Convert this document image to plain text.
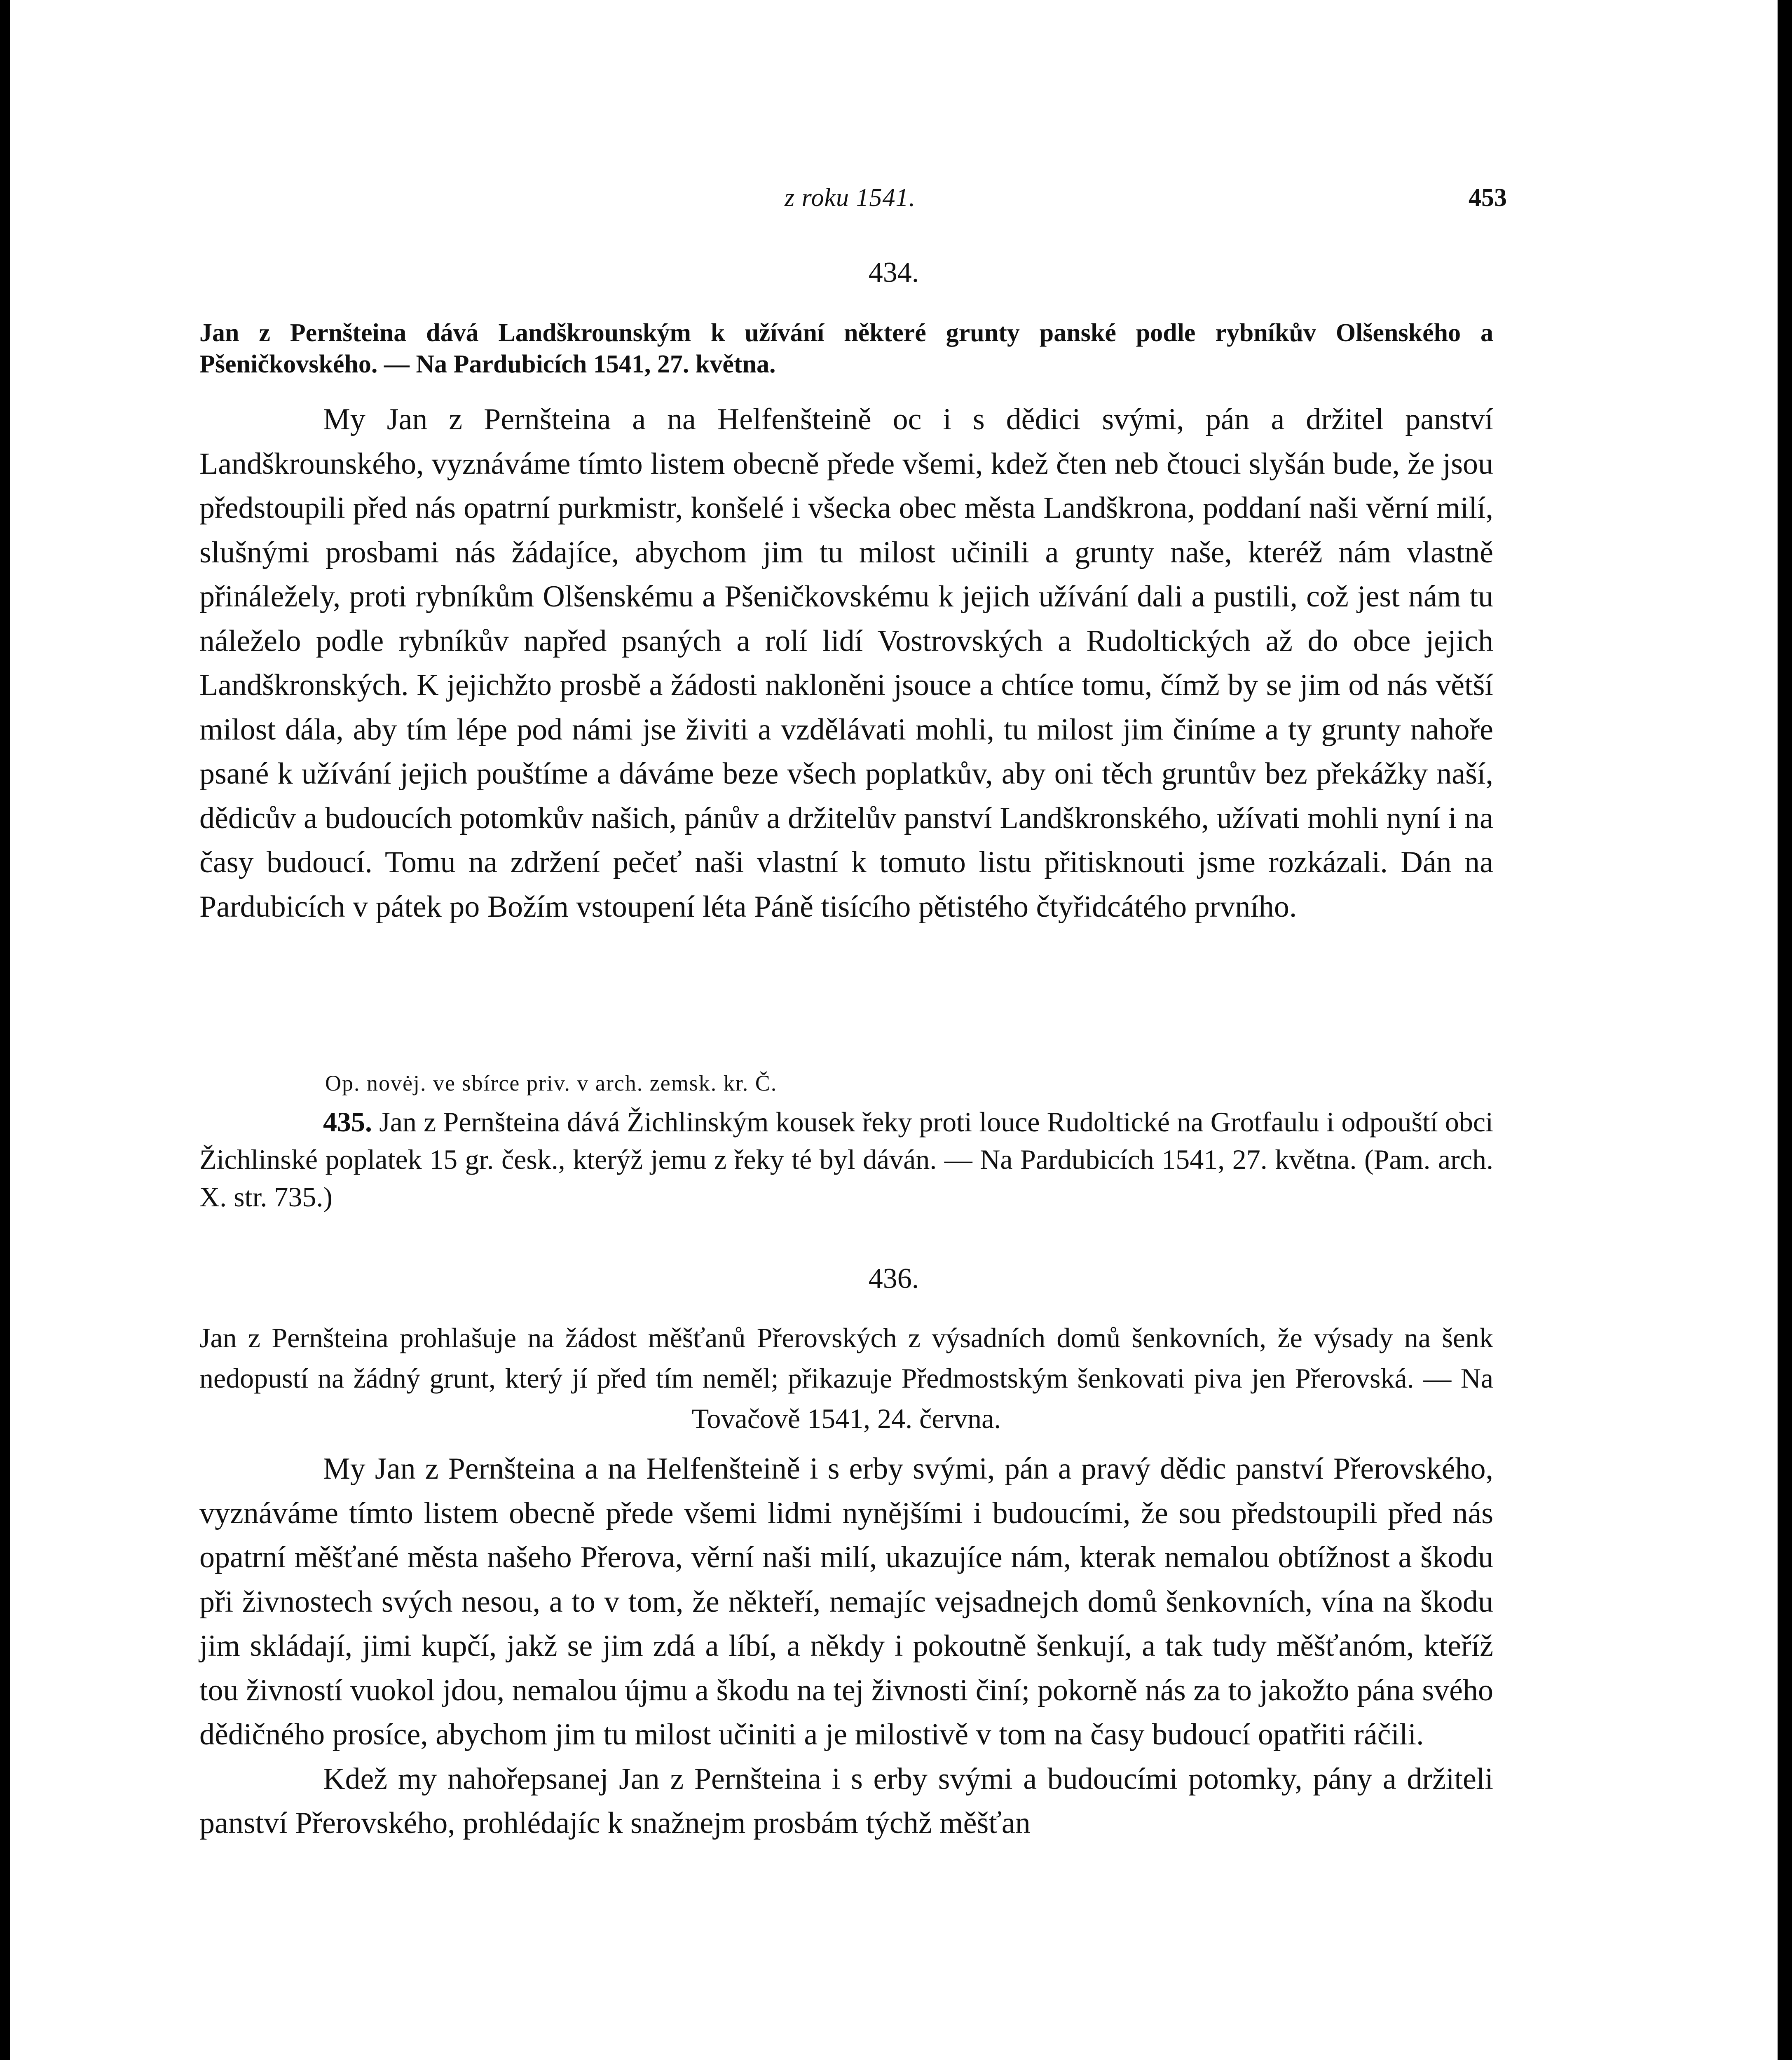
z roku 1541.	453
434.

Jan z Pernšteina dává Landškrounským k užívání některé grunty panské podle rybníkův Olšenského a Pšeničkovského. — Na Pardubicích 1541, 27. května.

My Jan z Pernšteina a na Helfenšteině oc i s dědici svými, pán a držitel panství Landškrounského, vyznáváme tímto listem obecně přede všemi, kdež čten neb čtouci slyšán bude, že jsou předstoupili před nás opatrní purkmistr, konšelé i všecka obec města Landškrona, poddaní naši věrní milí, slušnými prosbami nás žádajíce, abychom jim tu milost učinili a grunty naše, kteréž nám vlastně přináležely, proti rybníkům Olšenskému a Pšeničkovskému k jejich užívání dali a pustili, což jest nám tu náleželo podle rybníkův napřed psaných a rolí lidí Vostrovských a Rudoltických až do obce jejich Landškronských. K jejichžto prosbě a žádosti nakloněni jsouce a chtíce tomu, čímž by se jim od nás větší milost dála, aby tím lépe pod námi jse živiti a vzdělávati mohli, tu milost jim činíme a ty grunty nahoře psané k užívání jejich pouštíme a dáváme beze všech poplatkův, aby oni těch gruntův bez překážky naší, dědicův a budoucích potomkův našich, pánův a držitelův panství Landškronského, užívati mohli nyní i na časy budoucí. Tomu na zdržení pečeť naši vlastní k tomuto listu přitisknouti jsme rozkázali. Dán na Pardubicích v pátek po Božím vstoupení léta Páně tisícího pětistého čtyřidcátého prvního.

Op. novėj. ve sbírce priv. v arch. zemsk. kr. Č.

435. Jan z Pernšteina dává Žichlinským kousek řeky proti louce Rudoltické na Grotfaulu i odpouští obci Žichlinské poplatek 15 gr. česk., kterýž jemu z řeky té byl dáván. — Na Pardubicích 1541, 27. května. (Pam. arch. X. str. 735.)

436.

Jan z Pernšteina prohlašuje na žádost měšťanů Přerovských z výsadních domů šenkovních, že výsady na šenk nedopustí na žádný grunt, který jí před tím neměl; přikazuje Předmostským šenkovati piva jen Přerovská. — Na Tovačově 1541, 24. června.

My Jan z Pernšteina a na Helfenšteině i s erby svými, pán a pravý dědic panství Přerovského, vyznáváme tímto listem obecně přede všemi lidmi nynějšími i budoucími, že sou předstoupili před nás opatrní měšťané města našeho Přerova, věrní naši milí, ukazujíce nám, kterak nemalou obtížnost a škodu při živnostech svých nesou, a to v tom, že někteří, nemajíc vejsadnejch domů šenkovních, vína na škodu jim skládají, jimi kupčí, jakž se jim zdá a líbí, a někdy i pokoutně šenkují, a tak tudy měšťanóm, kteříž tou živností vuokol jdou, nemalou újmu a škodu na tej živnosti činí; pokorně nás za to jakožto pána svého dědičného prosíce, abychom jim tu milost učiniti a je milostivě v tom na časy budoucí opatřiti ráčili.

Kdež my nahořepsanej Jan z Pernšteina i s erby svými a budoucími potomky, pány a držiteli panství Přerovského, prohlédajíc k snažnejm prosbám týchž měšťan
